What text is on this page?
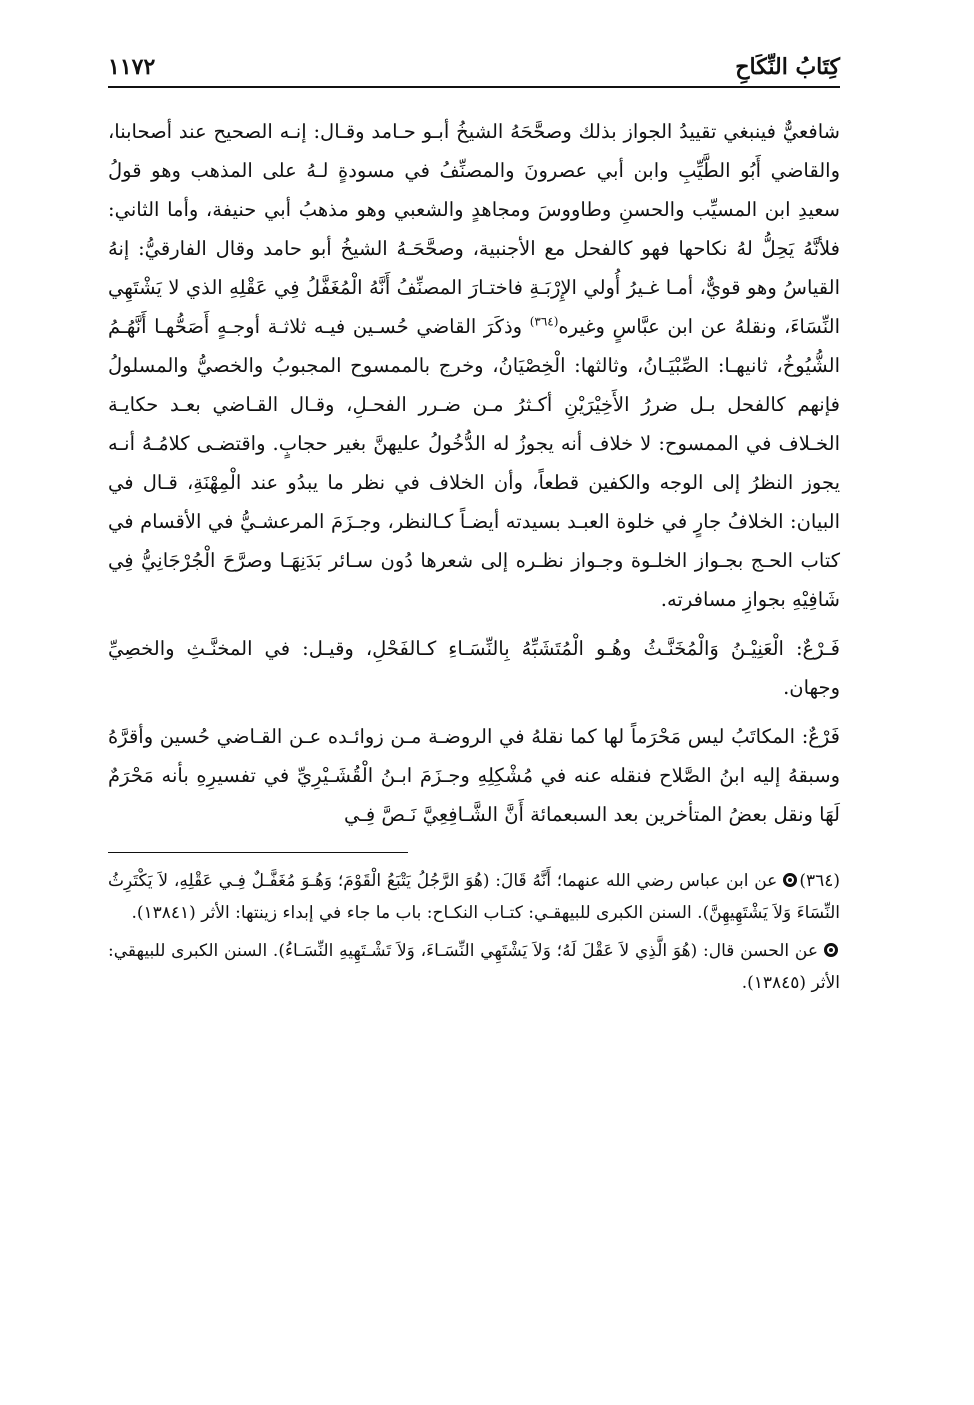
كِتَابُ النِّكَاحِ
١١٧٢

شافعيٌّ فينبغي تقييدُ الجواز بذلك وصحَّحَهُ الشيخُ أبـو حـامد وقـال: إنـه الصحيح عند أصحابنا، والقاضي أَبُو الطَّيِّبِ وابن أبي عصرونَ والمصنِّفُ في مسودةٍ لـهُ على المذهب وهو قولُ سعيدِ ابن المسيِّب والحسنِ وطاووسَ ومجاهدٍ والشعبي وهو مذهبُ أبي حنيفة، وأما الثاني: فلأنَّهُ يَحِلُّ لهُ نكاحها فهو كالفحل مع الأجنبية، وصحَّحَـهُ الشيخُ أبو حامد وقال الفارقيُّ: إنهُ القياسُ وهو قويٌّ، أمـا غـيرُ أُولي الإِرْبَـةِ فاختـارَ المصنِّفُ أَنَّهُ الْمُغَفَّلُ فِي عَقْلِهِ الذي لا يَشْتَهِي النِّسَاءَ، ونقلهُ عن ابن عبَّاسٍ وغيره$^{(٣٦٤)}$ وذكَرَ القاضي حُسـين فيـه ثلاثـة أوجـهٍ أَصَحُّهـا أَنَّهُـمُ الشُّيُوخُ، ثانيهـا: الصِّبْيَـانُ، وثالثها: الْخِصْيَانُ، وخرج بالممسوح المجبوبُ والخصيُّ والمسلولُ فإنهم كالفحل بـل ضررُ الأَخِيْرَيْنِ أكـثرُ مـن ضـرر الفحـلِ، وقـال القـاضي بعـد حكايـة الخـلاف في الممسوح: لا خلاف أنه يجوزُ له الدُّخُولُ عليهنَّ بغير حجابٍ. واقتضـى كلامُـهُ أنـه يجوز النظرُ إلى الوجه والكفين قطعاً، وأن الخلاف في نظر ما يبدُو عند الْمِهْنَةِ، قـال في البيان: الخلافُ جارٍ في خلوة العبـد بسيدته أيضـاً كـالنظر، وجـزَمَ المرعشـيُّ في الأقسام في كتاب الحـج بجـواز الخلـوة وجـواز نظـره إلى شعرها دُون سـائر بَدَنِهَـا وصرَّحَ الْجُرْجَانِيُّ فِي شَافِيْهِ بجوازِ مسافرته.

فَـرْعٌ: الْعَنِيْـنُ وَالْمُخَنَّـثُ وهُـو الْمُتَشَبِّهُ بِالنِّسَـاءِ كـالفَحْلِ، وقيـل: في المخنَّـثِ والخصِيِّ وجهان.

فَرْعٌ: المكاتَبُ ليس مَحْرَماً لها كما نقلهُ في الروضـة مـن زوائـده عـن القـاضي حُسين وأقرَّهُ وسبقهُ إليه ابنُ الصَّلاح فنقله عنه في مُشْكِلِهِ وجـزَمَ ابـنُ الْقُشَـيْرِيِّ في تفسيرِهِ بأنه مَحْرَمٌ لَهَا ونقل بعضُ المتأخرين بعد السبعمائة أَنَّ الشَّـافِعِيَّ نَـصَّ فِـي

(٣٦٤)عن ابن عباس رضي الله عنهما؛ أَنَّهُ قَالَ: (هُوَ الرَّجُلُ يَتْبَعُ الْقَوْمَ؛ وَهُـوَ مُغَفَّـلٌ فِـي عَقْلِهِ، لاَ يَكْتَرِثُ النِّسَاءَ وَلاَ يَشْتَهِيهِنَّ). السنن الكبرى للبيهقـي: كتـاب النكـاح: باب ما جاء في إبداء زينتها: الأثر (١٣٨٤١).
عن الحسن قال: (هُوَ الَّذِي لاَ عَقْلَ لَهُ؛ وَلاَ يَشْتَهِي النِّسَـاءَ، وَلاَ تَشْـتَهِيهِ النِّسَـاءُ). السنن الكبرى للبيهقي: الأثر (١٣٨٤٥).
